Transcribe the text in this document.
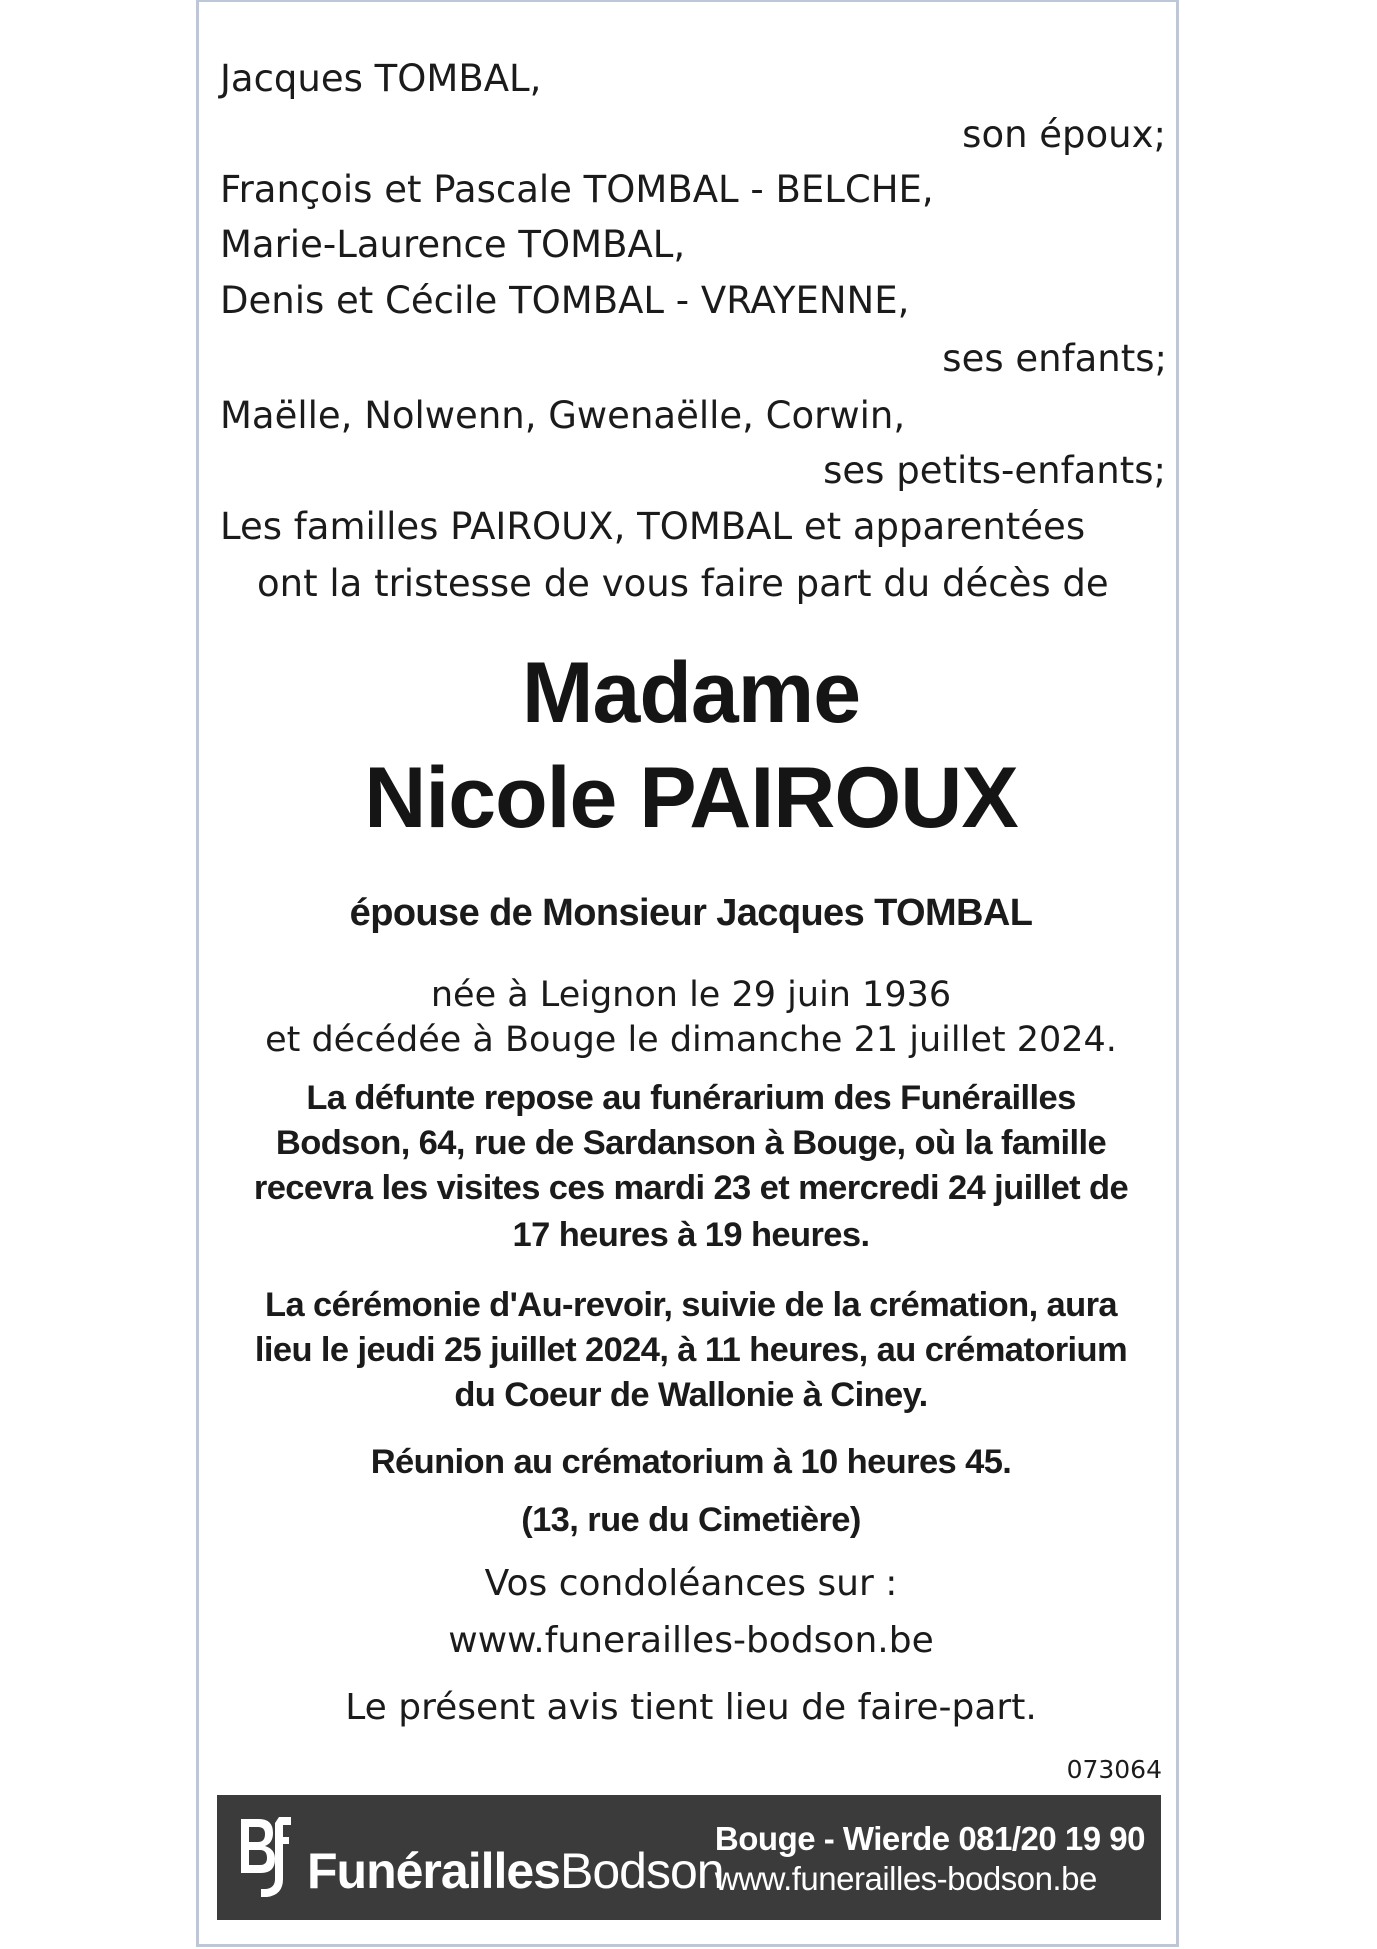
Jacques TOMBAL,
son époux;
François et Pascale TOMBAL - BELCHE,
Marie-Laurence TOMBAL,
Denis et Cécile TOMBAL - VRAYENNE,
ses enfants;
Maëlle, Nolwenn, Gwenaëlle, Corwin,
ses petits-enfants;
Les familles PAIROUX, TOMBAL et apparentées
ont la tristesse de vous faire part du décès de
Madame
Nicole PAIROUX
épouse de Monsieur Jacques TOMBAL
née à Leignon le 29 juin 1936
et décédée à Bouge le dimanche 21 juillet 2024.
La défunte repose au funérarium des Funérailles
Bodson, 64, rue de Sardanson à Bouge, où la famille
recevra les visites ces mardi 23 et mercredi 24 juillet de
17 heures à 19 heures.
La cérémonie d'Au-revoir, suivie de la crémation, aura
lieu le jeudi 25 juillet 2024, à 11 heures, au crématorium
du Coeur de Wallonie à Ciney.
Réunion au crématorium à 10 heures 45.
(13, rue du Cimetière)
Vos condoléances sur :
www.funerailles-bodson.be
Le présent avis tient lieu de faire-part.
073064
FunéraillesBodson
Bouge - Wierde 081/20 19 90
www.funerailles-bodson.be
